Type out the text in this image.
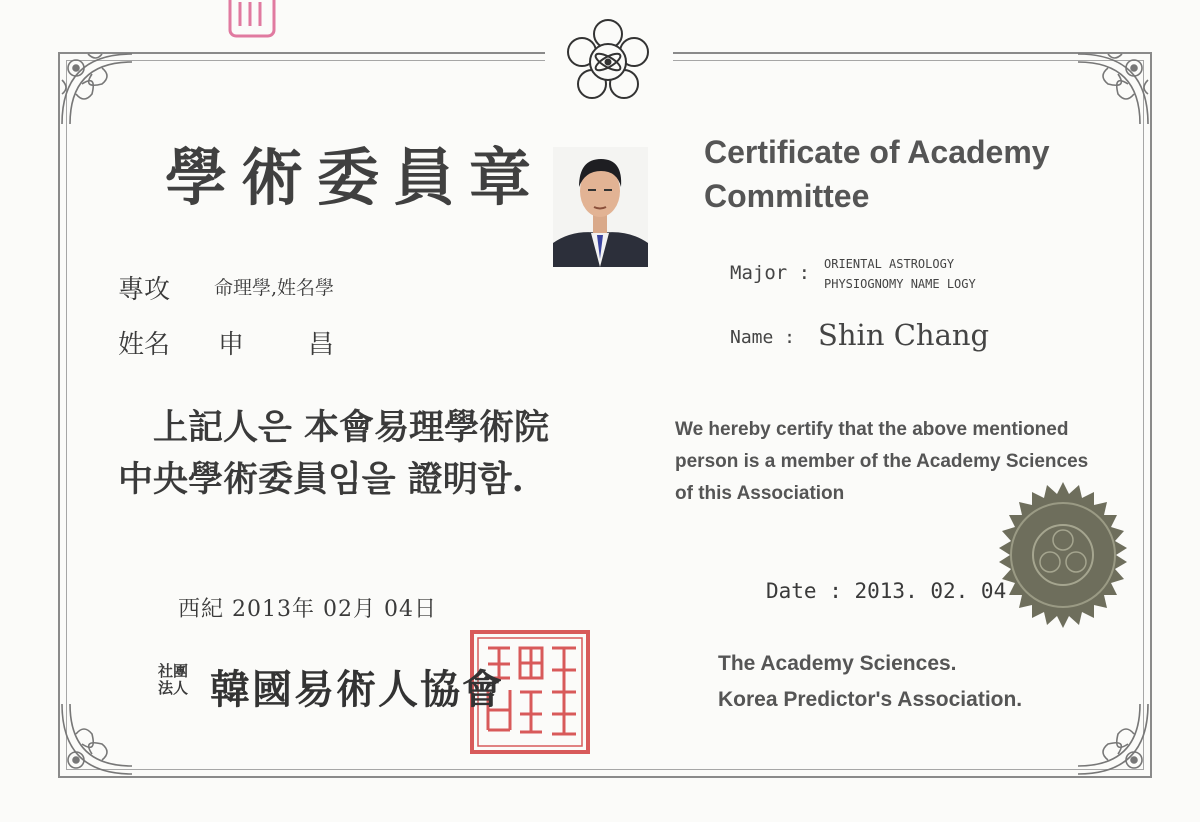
學術委員章	Certificate of Academy Committee
專攻 命理學,姓名學
姓名 申　　昌
Major : ORIENTAL ASTROLOGY
PHYSIOGNOMY NAME LOGY
Name : Shin Chang
　上記人은 本會易理學術院 中央學術委員임을 證明함.
We hereby certify that the above mentioned person is a member of the Academy Sciences of this Association
西紀 2013年 02月 04日
Date : 2013. 02. 04
社團法人 韓國易術人協會
The Academy Sciences.
Korea Predictor's Association.
